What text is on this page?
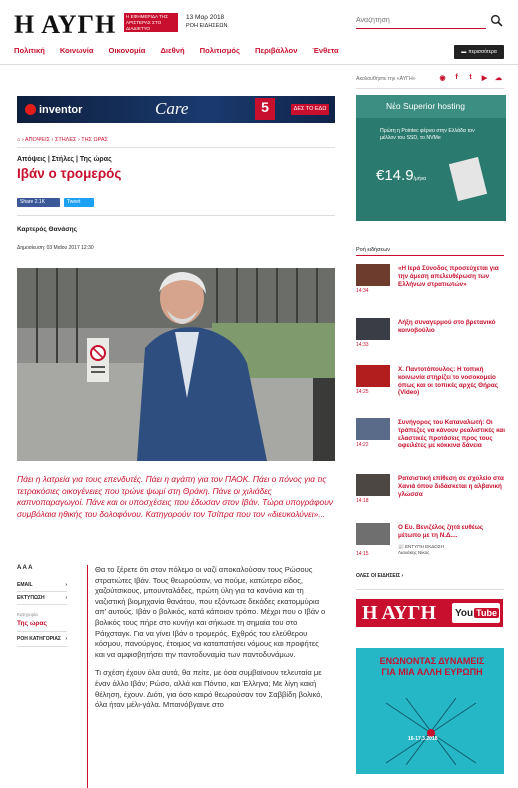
Η ΑΥΓΗ	Η ΕΦΗΜΕΡΙΔΑ ΤΗΣ ΑΡΙΣΤΕΡΑΣ ΣΤΟ ΔΙΑΔΙΚΤΥΟ
13 Μαρ 2018
ΡΟΗ ΕΙΔΗΣΕΩΝ
Αναζήτηση
Πολιτική Κοινωνία Οικονομία Διεθνή Πολιτισμός Περιβάλλον Ένθετα	▬ περισσότερα
inventor	Care	5	ΔΕΣ ΤΟ ΕΔΩ
⌂ › ΑΠΟΨΕΙΣ › ΣΤΗΛΕΣ › ΤΗΣ ΩΡΑΣ
Απόψεις | Στήλες | Της ώρας
Ιβάν ο τρομερός
Share 2.1K	Tweet
Καρτερός Θανάσης
Δημοσίευση: 03 Μαΐου 2017 12:30
Πάει η λατρεία για τους επενδυτές. Πάει η αγάπη για τον ΠΑΟΚ. Πάει ο πόνος για τις τετρακόσιες οικογένειες που τρώνε ψωμί στη Θράκη. Πάνε οι χιλιάδες καπνοπαραγωγοί. Πάνε και οι υποσχέσεις που έδωσαν στον Ιβάν. Τώρα υπογράφουν συμβόλαια ηθικής του δολοφόνου. Κατηγορούν τον Τσίπρα που τον «διευκολύνει»...
A A A
EMAIL	›
ΕΚΤΥΠΩΣΗ	›
Κατηγορία
Της ώρας
ΡΟΗ ΚΑΤΗΓΟΡΙΑΣ ›

Θα το ξέρετε ότι στον πόλεμο οι ναζί αποκαλούσαν τους Ρώσους στρατιώτες Ιβάν. Τους θεωρούσαν, να πούμε, κατώτερο είδος, χαζούτσικους, μπουνταλάδες, πρώτη ύλη για τα κανόνια και τη ναζιστική βιομηχανία θανάτου, που εξόντωσε δεκάδες εκατομμύρια απ' αυτούς. Ιβάν ο βολικός, κατά κάποιον τρόπο. Μέχρι που ο Ιβάν ο βολικός τους πήρε στο κυνήγι και σήκωσε τη σημαία του στο Ράιχσταγκ. Για να γίνει Ιβάν ο τρομερός. Εχθρός του ελεύθερου κόσμου, πανούργος, έτοιμος να καταπατήσει νόμους και προφήτες και να αμφισβητήσει την παντοδυναμία των παντοδυνάμων.

Τι σχέση έχουν όλα αυτά, θα πείτε, με όσα συμβαίνουν τελευταία με έναν άλλο Ιβάν; Ρώσο, αλλά και Πόντιο, και Έλληνα; Με λίγη κακή θέληση, έχουν. Διότι, για όσο καιρό θεωρούσαν τον Σαββίδη βολικό, όλα ήταν μέλι-γάλα. Μπαινόβγαινε στο

Ακολουθήστε την «ΑΥΓΗ»	◉	f	t	▶ ☁
Νέο Superior hosting
Πρώτη η Pointec φέρνει στην Ελλάδα τον μέλλον του SSD, το NVMe
€14.9/μήνα
Ροή ειδήσεων
14:34
«Η Ιερά Σύνοδος προσεύχεται για την άμεση απελευθέρωση των Ελλήνων στρατιωτών»
14:33
Λήξη συναγερμού στο βρετανικό κοινοβούλιο
14:25
Χ. Παντοτόπουλος: Η τοπική κοινωνία στηρίζει το νοσοκομείο όπως και οι τοπικές αρχές Θήρας (Video)
14:22
Συνήγορος του Καταναλωτή: Οι τράπεζες να κάνουν ρεαλιστικές και ελαστικές προτάσεις προς τους οφειλέτες με κόκκινα δάνεια
14:18
Ρατσιστική επίθεση σε σχολείο στα Χανιά όπου διδάσκεται η αλβανική γλώσσα
14:15
Ο Ευ. Βενιζέλος ζητά ευθέως μέτωπο με τη Ν.Δ....
📰 ΕΝΤΥΠΗ ΕΚΔΟΣΗ
Λιανάκης Νίκος
ΟΛΕΣ ΟΙ ΕΙΔΗΣΕΙΣ ›
Η ΑΥΓΗ You Tube
ΕΝΩΝΟΝΤΑΣ ΔΥΝΑΜΕΙΣ ΓΙΑ ΜΙΑ ΑΛΛΗ ΕΥΡΩΠΗ
16-17.3.2018
